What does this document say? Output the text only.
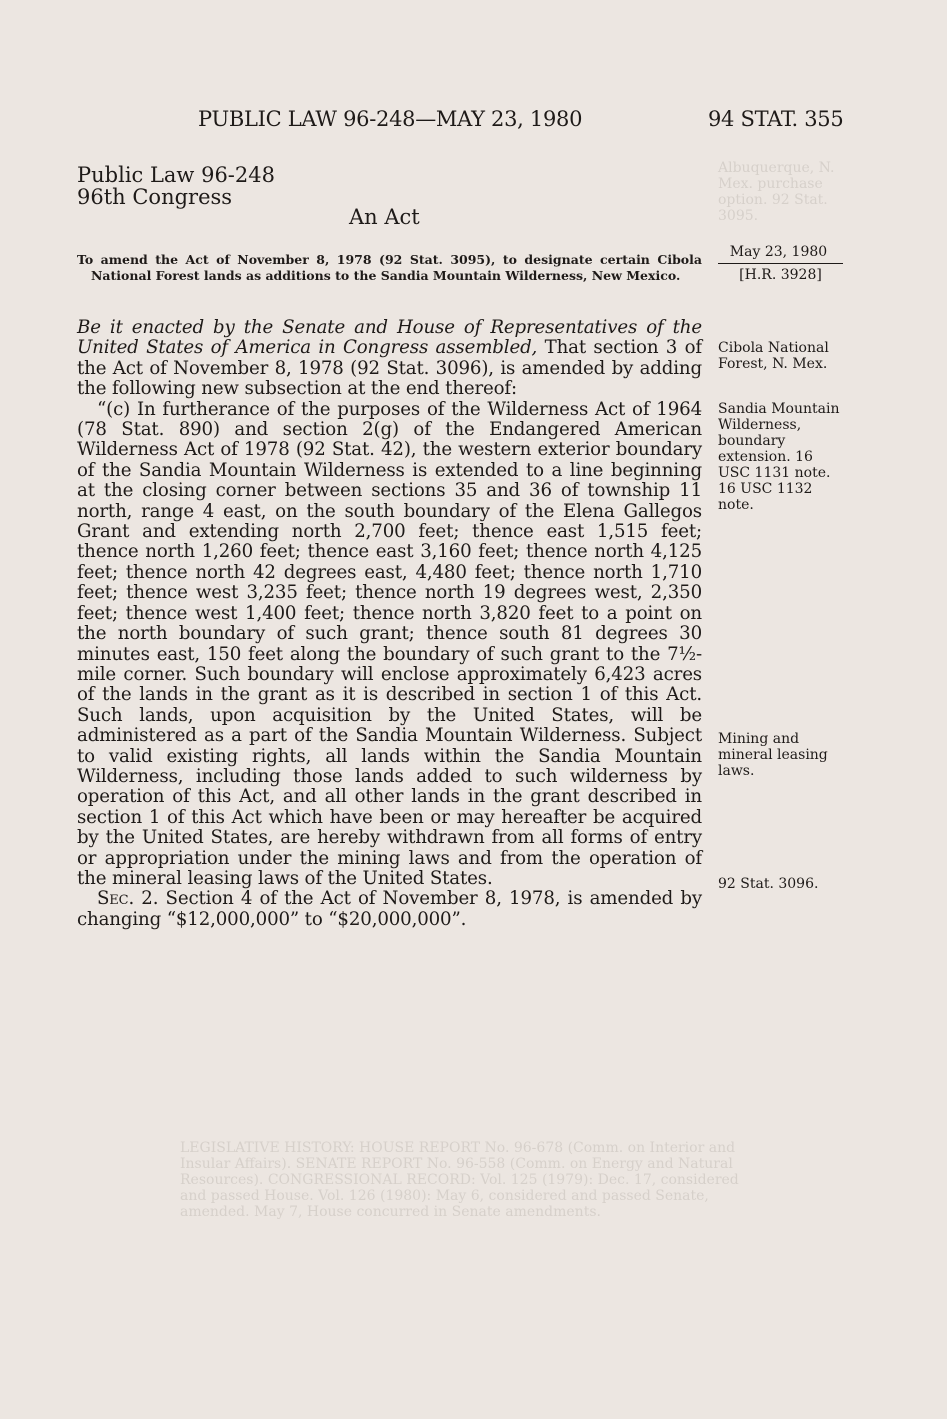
PUBLIC LAW 96-248—MAY 23, 1980	94 STAT. 355
Public Law 96-248
96th Congress
An Act

To amend the Act of November 8, 1978 (92 Stat. 3095), to designate certain Cibola National Forest lands as additions to the Sandia Mountain Wilderness, New Mexico.

May 23, 1980
[H.R. 3928]

Be it enacted by the Senate and House of Representatives of the United States of America in Congress assembled, That section 3 of the Act of November 8, 1978 (92 Stat. 3096), is amended by adding the following new subsection at the end thereof:

“(c) In furtherance of the purposes of the Wilderness Act of 1964 (78 Stat. 890) and section 2(g) of the Endangered American Wilderness Act of 1978 (92 Stat. 42), the western exterior boundary of the Sandia Mountain Wilderness is extended to a line beginning at the closing corner between sections 35 and 36 of township 11 north, range 4 east, on the south boundary of the Elena Gallegos Grant and extending north 2,700 feet; thence east 1,515 feet; thence north 1,260 feet; thence east 3,160 feet; thence north 4,125 feet; thence north 42 degrees east, 4,480 feet; thence north 1,710 feet; thence west 3,235 feet; thence north 19 degrees west, 2,350 feet; thence west 1,400 feet; thence north 3,820 feet to a point on the north boundary of such grant; thence south 81 degrees 30 minutes east, 150 feet along the boundary of such grant to the 7½-mile corner. Such boundary will enclose approximately 6,423 acres of the lands in the grant as it is described in section 1 of this Act. Such lands, upon acquisition by the United States, will be administered as a part of the Sandia Mountain Wilderness. Subject to valid existing rights, all lands within the Sandia Mountain Wilderness, including those lands added to such wilderness by operation of this Act, and all other lands in the grant described in section 1 of this Act which have been or may hereafter be acquired by the United States, are hereby withdrawn from all forms of entry or appropriation under the mining laws and from the operation of the mineral leasing laws of the United States.

Sec. 2. Section 4 of the Act of November 8, 1978, is amended by changing “$12,000,000” to “$20,000,000”.

Cibola National Forest, N. Mex.
Sandia Mountain Wilderness, boundary extension. 16 USC 1131 note. 16 USC 1132 note.
Mining and mineral leasing laws.
92 Stat. 3096.
Albuquerque, N. Mex. purchase option. 92 Stat. 3095.
LEGISLATIVE HISTORY: HOUSE REPORT No. 96-678 (Comm. on Interior and Insular Affairs). SENATE REPORT No. 96-558 (Comm. on Energy and Natural Resources). CONGRESSIONAL RECORD: Vol. 125 (1979): Dec. 17, considered and passed House. Vol. 126 (1980): May 6, considered and passed Senate, amended. May 7, House concurred in Senate amendments.
